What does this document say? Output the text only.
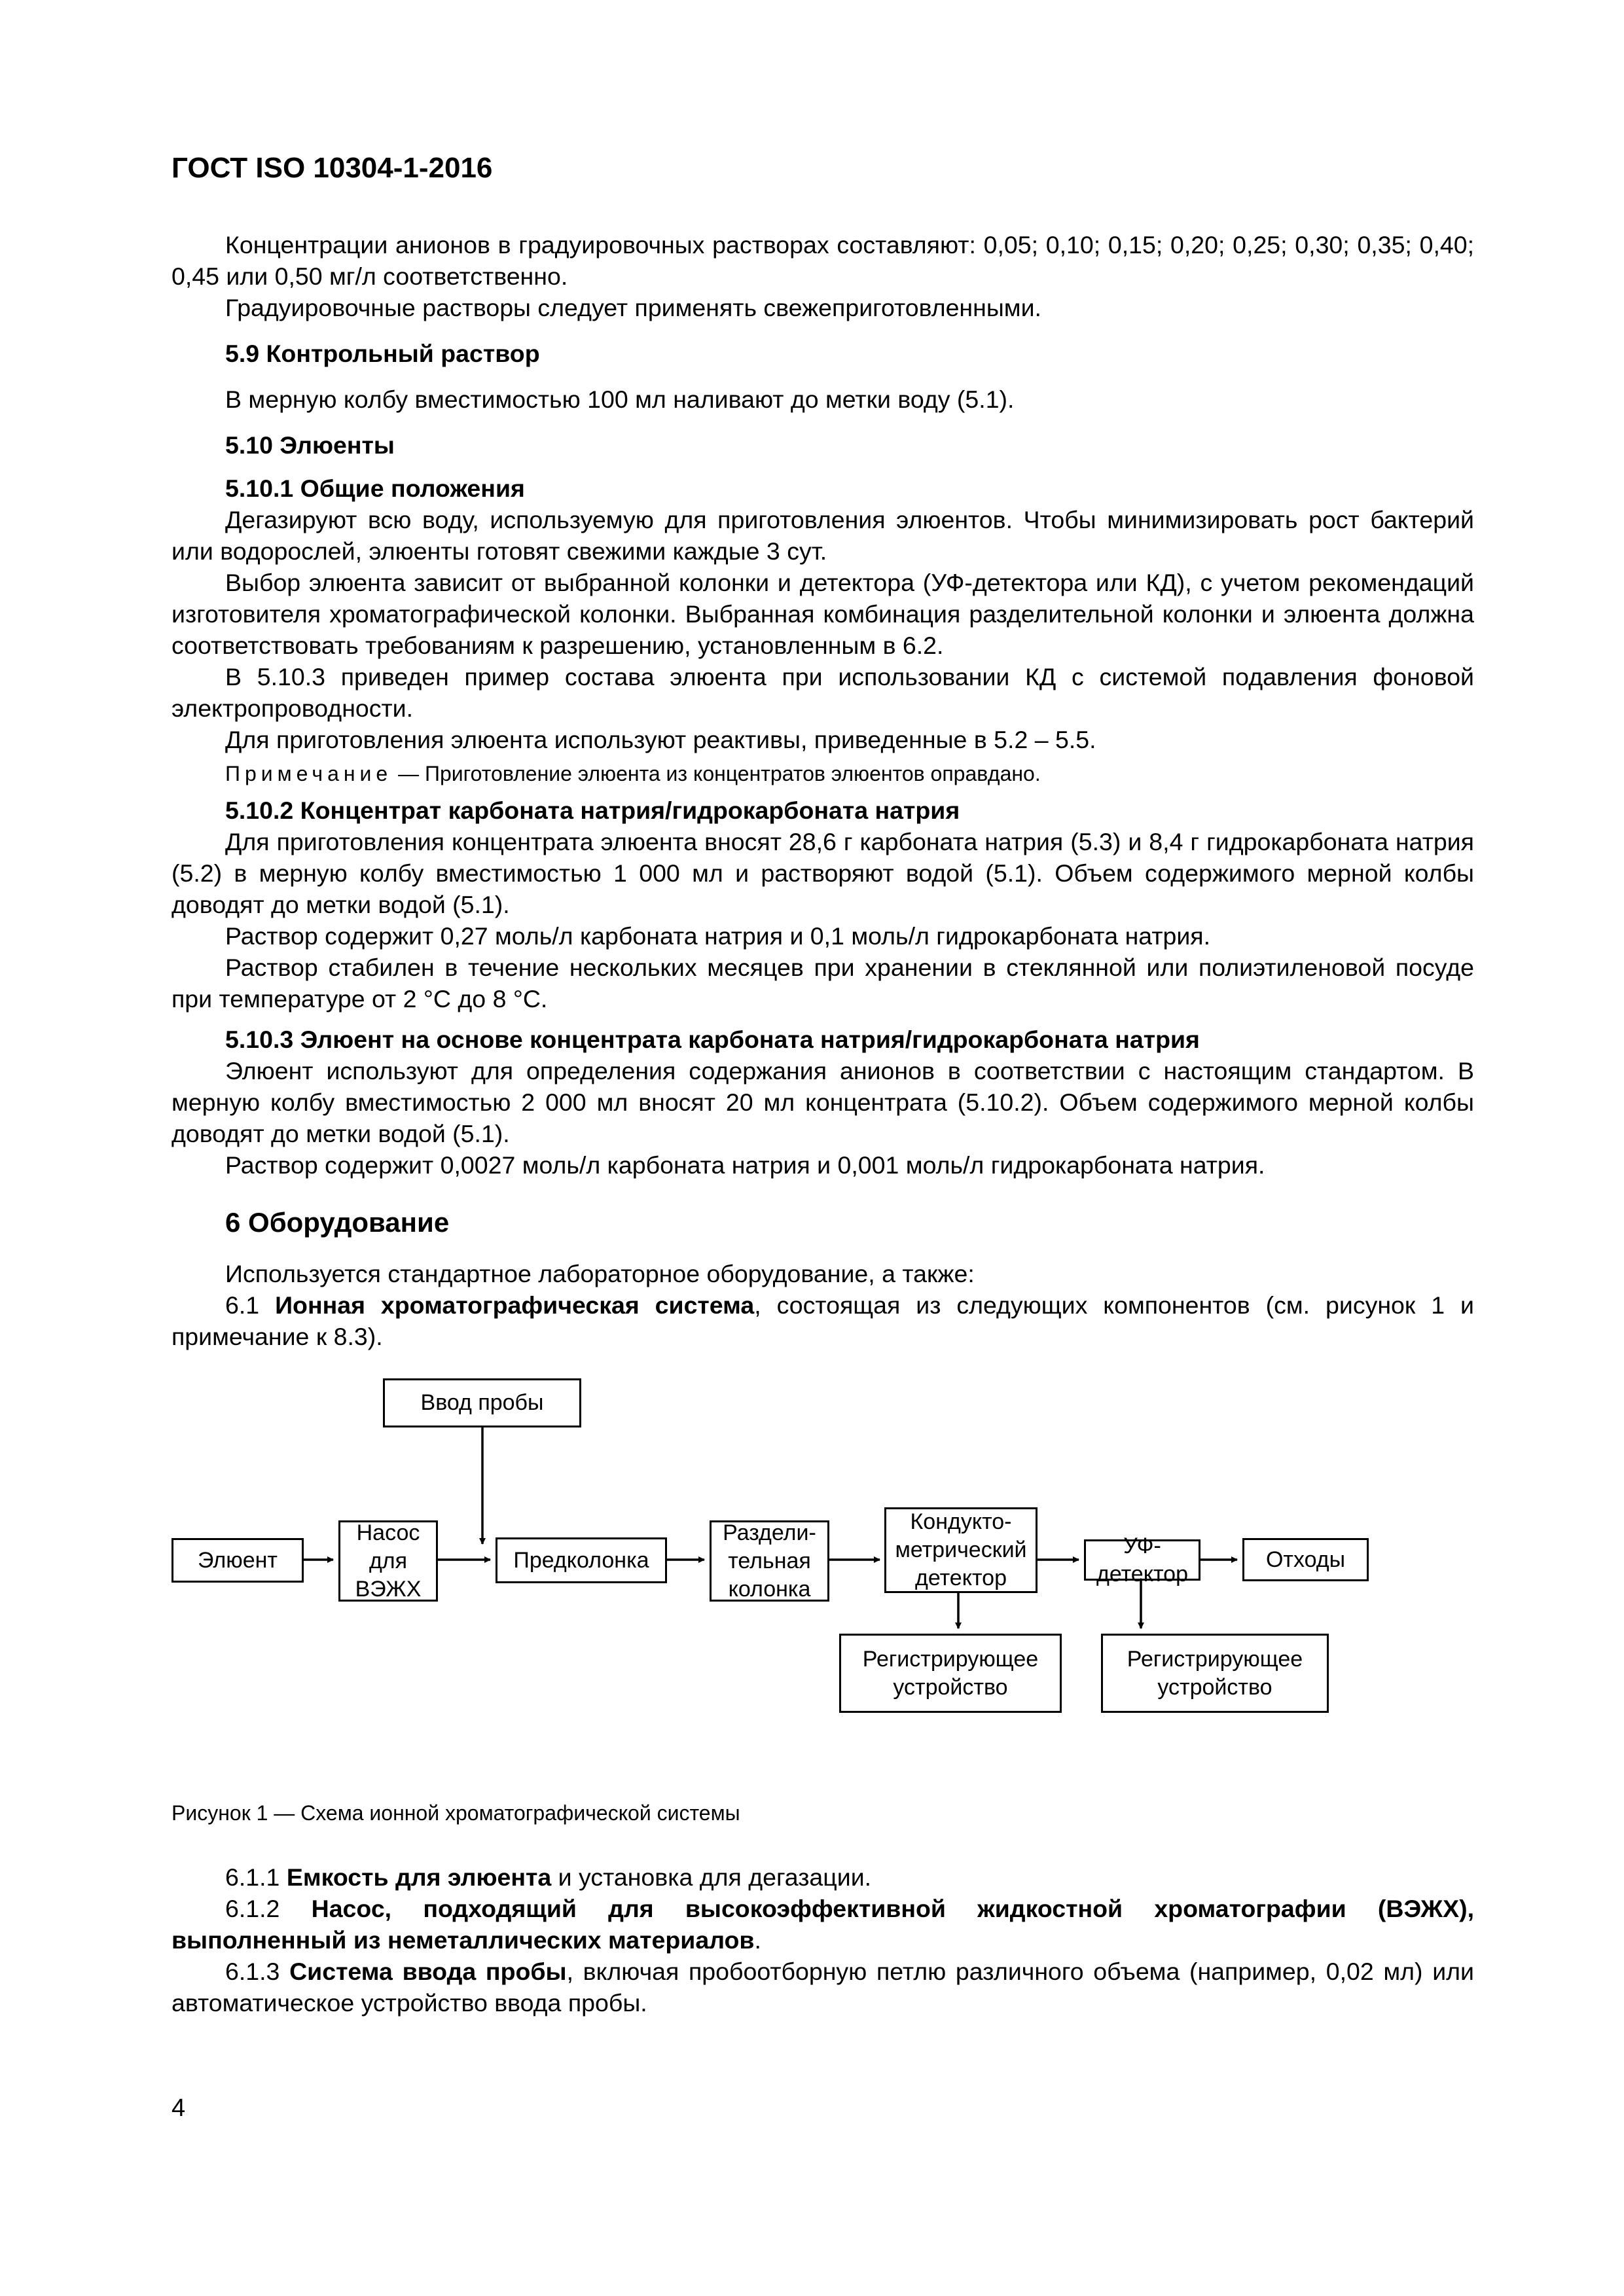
ГОСТ ISO 10304-1-2016

Концентрации анионов в градуировочных растворах составляют: 0,05; 0,10; 0,15; 0,20; 0,25; 0,30; 0,35; 0,40; 0,45 или 0,50 мг/л соответственно.

Градуировочные растворы следует применять свежеприготовленными.

5.9 Контрольный раствор

В мерную колбу вместимостью 100 мл наливают до метки воду (5.1).

5.10 Элюенты

5.10.1 Общие положения

Дегазируют всю воду, используемую для приготовления элюентов. Чтобы минимизировать рост бактерий или водорослей, элюенты готовят свежими каждые 3 сут.

Выбор элюента зависит от выбранной колонки и детектора (УФ-детектора или КД), с учетом рекомендаций изготовителя хроматографической колонки. Выбранная комбинация разделительной колонки и элюента должна соответствовать требованиям к разрешению, установленным в 6.2.

В 5.10.3 приведен пример состава элюента при использовании КД с системой подавления фоновой электропроводности.

Для приготовления элюента используют реактивы, приведенные в 5.2 – 5.5.

Примечание — Приготовление элюента из концентратов элюентов оправдано.

5.10.2 Концентрат карбоната натрия/гидрокарбоната натрия

Для приготовления концентрата элюента вносят 28,6 г карбоната натрия (5.3) и 8,4 г гидрокарбоната натрия (5.2) в мерную колбу вместимостью 1 000 мл и растворяют водой (5.1). Объем содержимого мерной колбы доводят до метки водой (5.1).

Раствор содержит 0,27 моль/л карбоната натрия и 0,1 моль/л гидрокарбоната натрия.

Раствор стабилен в течение нескольких месяцев при хранении в стеклянной или полиэтиленовой посуде при температуре от 2 °С до 8 °С.

5.10.3 Элюент на основе концентрата карбоната натрия/гидрокарбоната натрия

Элюент используют для определения содержания анионов в соответствии с настоящим стандартом. В мерную колбу вместимостью 2 000 мл вносят 20 мл концентрата (5.10.2). Объем содержимого мерной колбы доводят до метки водой (5.1).

Раствор содержит 0,0027 моль/л карбоната натрия и 0,001 моль/л гидрокарбоната натрия.

6 Оборудование

Используется стандартное лабораторное оборудование, а также:

6.1 Ионная хроматографическая система, состоящая из следующих компонентов (см. рисунок 1 и примечание к 8.3).

Ввод пробы
Элюент
Насос
для
ВЭЖХ
Предколонка
Раздели-
тельная
колонка
Кондукто-
метрический
детектор
УФ-детектор
Отходы
Регистрирующее
устройство
Регистрирующее
устройство

Рисунок 1 — Схема ионной хроматографической системы

6.1.1 Емкость для элюента и установка для дегазации.

6.1.2 Насос, подходящий для высокоэффективной жидкостной хроматографии (ВЭЖХ), выполненный из неметаллических материалов.

6.1.3 Система ввода пробы, включая пробоотборную петлю различного объема (например, 0,02 мл) или автоматическое устройство ввода пробы.

4
